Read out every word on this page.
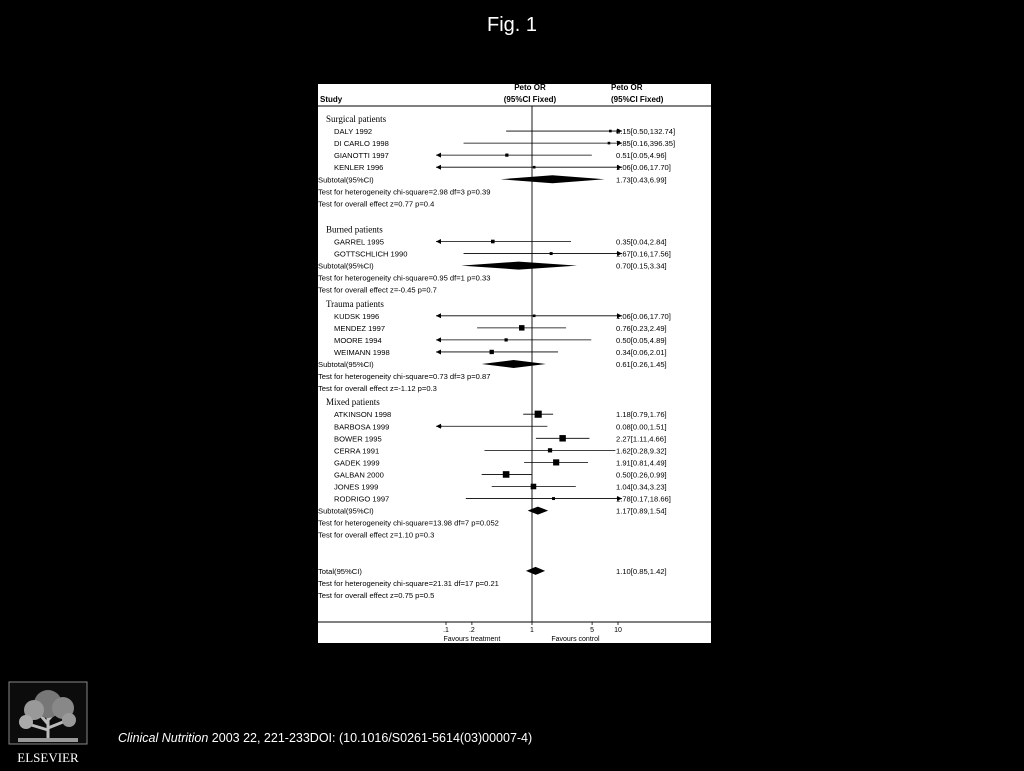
Fig. 1
Study
Peto OR
(95%CI Fixed)
Peto OR
(95%CI Fixed)
Surgical patients
DALY 1992	8.15[0.50,132.74]
DI CARLO 1998	7.85[0.16,396.35]
GIANOTTI 1997	0.51[0.05,4.96]
KENLER 1996	1.06[0.06,17.70]
Subtotal(95%CI)	1.73[0.43,6.99]
Test for heterogeneity chi-square=2.98 df=3 p=0.39
Test for overall effect z=0.77 p=0.4
Burned patients
GARREL 1995	0.35[0.04,2.84]
GOTTSCHLICH 1990	1.67[0.16,17.56]
Subtotal(95%CI)	0.70[0.15,3.34]
Test for heterogeneity chi-square=0.95 df=1 p=0.33
Test for overall effect z=-0.45 p=0.7
Trauma patients
KUDSK 1996	1.06[0.06,17.70]
MENDEZ 1997	0.76[0.23,2.49]
MOORE 1994	0.50[0.05,4.89]
WEIMANN 1998	0.34[0.06,2.01]
Subtotal(95%CI)	0.61[0.26,1.45]
Test for heterogeneity chi-square=0.73 df=3 p=0.87
Test for overall effect z=-1.12 p=0.3
Mixed patients
ATKINSON 1998	1.18[0.79,1.76]
BARBOSA 1999	0.08[0.00,1.51]
BOWER 1995	2.27[1.11,4.66]
CERRA 1991	1.62[0.28,9.32]
GADEK 1999	1.91[0.81,4.49]
GALBAN 2000	0.50[0.26,0.99]
JONES 1999	1.04[0.34,3.23]
RODRIGO 1997	1.78[0.17,18.66]
Subtotal(95%CI)	1.17[0.89,1.54]
Test for heterogeneity chi-square=13.98 df=7 p=0.052
Test for overall effect z=1.10 p=0.3
Total(95%CI)	1.10[0.85,1.42]
Test for heterogeneity chi-square=21.31 df=17 p=0.21
Test for overall effect z=0.75 p=0.5
.1	.2	1	5	10
Favours treatment	Favours control
ELSEVIER
Clinical Nutrition 2003 22, 221-233DOI: (10.1016/S0261-5614(03)00007-4)
